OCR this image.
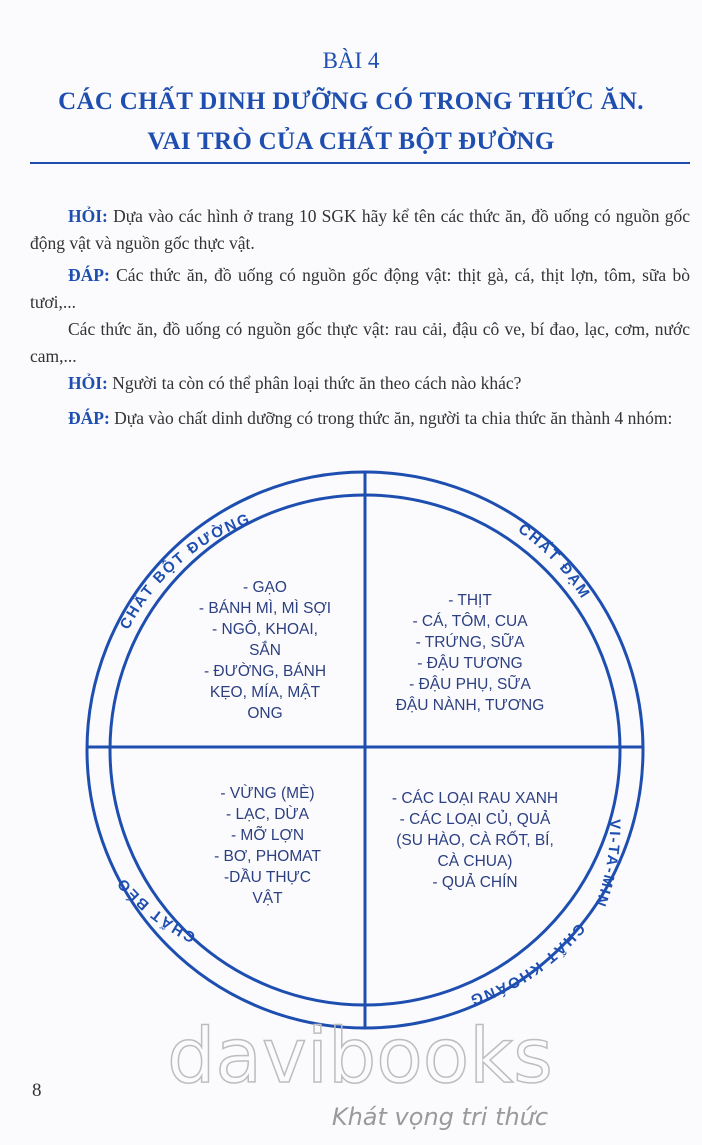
BÀI 4
CÁC CHẤT DINH DƯỠNG CÓ TRONG THỨC ĂN.
VAI TRÒ CỦA CHẤT BỘT ĐƯỜNG

HỎI: Dựa vào các hình ở trang 10 SGK hãy kể tên các thức ăn, đồ uống có nguồn gốc động vật và nguồn gốc thực vật.

ĐÁP: Các thức ăn, đồ uống có nguồn gốc động vật: thịt gà, cá, thịt lợn, tôm, sữa bò tươi,...

Các thức ăn, đồ uống có nguồn gốc thực vật: rau cải, đậu cô ve, bí đao, lạc, cơm, nước cam,...

HỎI: Người ta còn có thể phân loại thức ăn theo cách nào khác?

ĐÁP: Dựa vào chất dinh dưỡng có trong thức ăn, người ta chia thức ăn thành 4 nhóm:

CHẤT BỘT ĐƯỜNG	CHẤT ĐẠM
CHẤT BÉO
VI-TA-MIN
CHẤT KHOÁNG
- GẠO
- BÁNH MÌ, MÌ SỢI
- NGÔ, KHOAI,
SẮN
- ĐƯỜNG, BÁNH
KẸO, MÍA, MẬT
ONG
- THỊT
- CÁ, TÔM, CUA
- TRỨNG, SỮA
- ĐẬU TƯƠNG
- ĐẬU PHỤ, SỮA
ĐẬU NÀNH, TƯƠNG
- VỪNG (MÈ)
- LẠC, DỪA
- MỠ LỢN
- BƠ, PHOMAT
-DẦU THỰC
VẬT
- CÁC LOẠI RAU XANH
- CÁC LOẠI CỦ, QUẢ
(SU HÀO, CÀ RỐT, BÍ,
CÀ CHUA)
- QUẢ CHÍN
davibooks
Khát vọng tri thức
8
